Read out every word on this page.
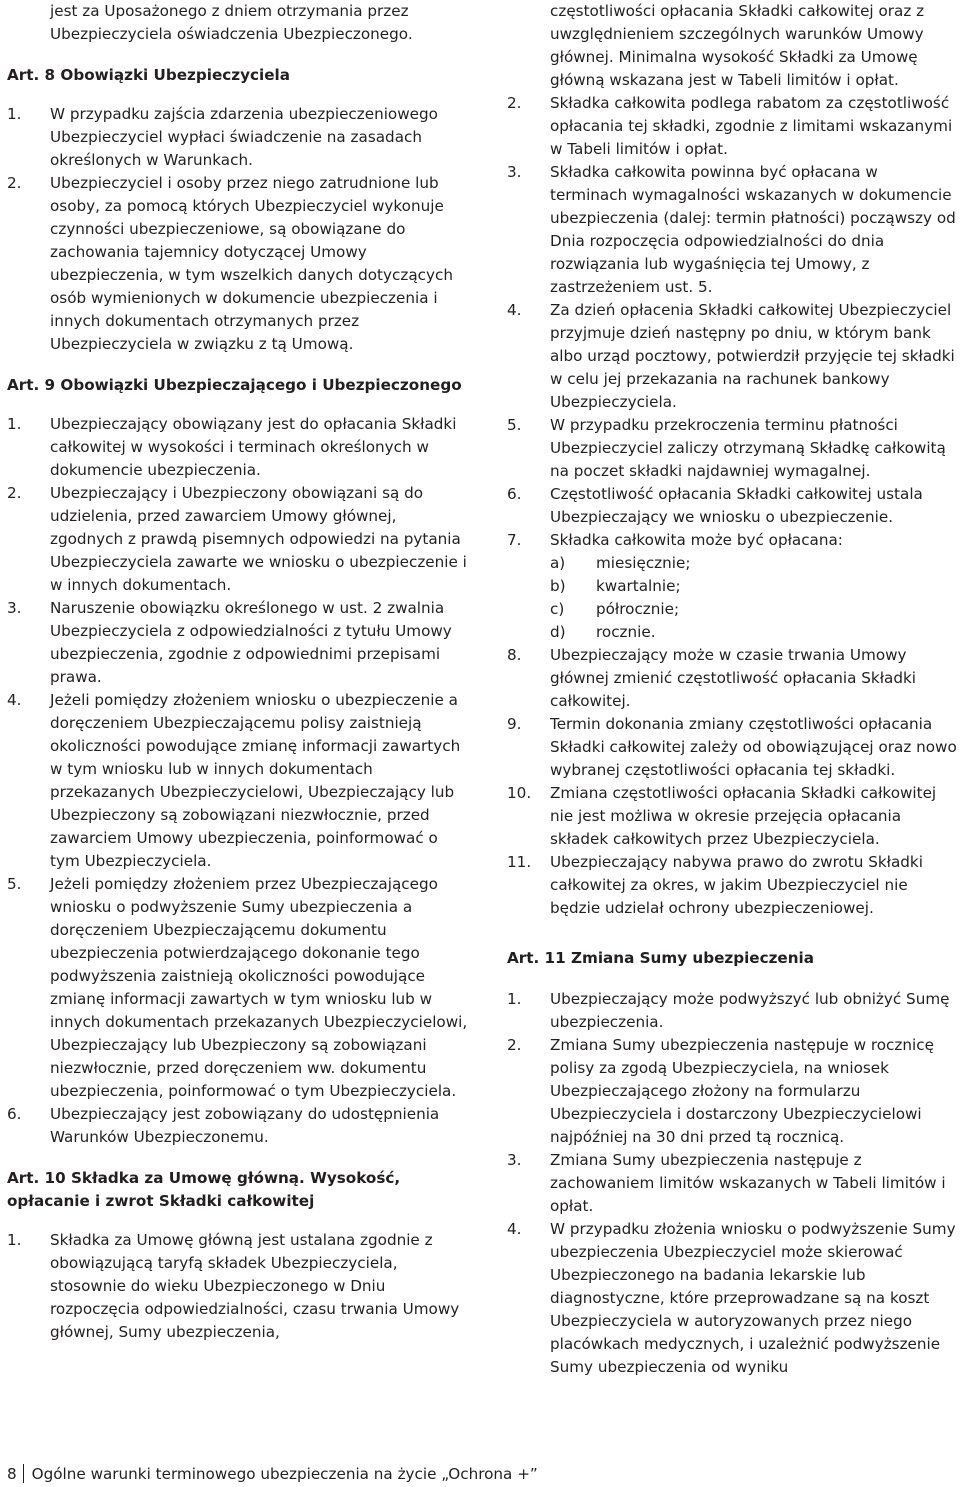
jest za Uposażonego z dniem otrzymania przez Ubezpieczyciela oświadczenia Ubezpieczonego.

Art. 8 Obowiązki Ubezpieczyciela

1.	W przypadku zajścia zdarzenia ubezpieczeniowego Ubezpieczyciel wypłaci świadczenie na zasadach określonych w Warunkach.
2.	Ubezpieczyciel i osoby przez niego zatrudnione lub osoby, za pomocą których Ubezpieczyciel wykonuje czynności ubezpieczeniowe, są obowiązane do zachowania tajemnicy dotyczącej Umowy ubezpieczenia, w tym wszelkich danych dotyczących osób wymienionych w dokumencie ubezpieczenia i innych dokumentach otrzymanych przez Ubezpieczyciela w związku z tą Umową.

Art. 9 Obowiązki Ubezpieczającego i Ubezpieczonego

1.	Ubezpieczający obowiązany jest do opłacania Składki całkowitej w wysokości i terminach określonych w dokumencie ubezpieczenia.
2.	Ubezpieczający i Ubezpieczony obowiązani są do udzielenia, przed zawarciem Umowy głównej, zgodnych z prawdą pisemnych odpowiedzi na pytania Ubezpieczyciela zawarte we wniosku o ubezpieczenie i w innych dokumentach.
3.	Naruszenie obowiązku określonego w ust. 2 zwalnia Ubezpieczyciela z odpowiedzialności z tytułu Umowy ubezpieczenia, zgodnie z odpowiednimi przepisami prawa.
4.	Jeżeli pomiędzy złożeniem wniosku o ubezpieczenie a doręczeniem Ubezpieczającemu polisy zaistnieją okoliczności powodujące zmianę informacji zawartych w tym wniosku lub w innych dokumentach przekazanych Ubezpieczycielowi, Ubezpieczający lub Ubezpieczony są zobowiązani niezwłocznie, przed zawarciem Umowy ubezpieczenia, poinformować o tym Ubezpieczyciela.
5.	Jeżeli pomiędzy złożeniem przez Ubezpieczającego wniosku o podwyższenie Sumy ubezpieczenia a doręczeniem Ubezpieczającemu dokumentu ubezpieczenia potwierdzającego dokonanie tego podwyższenia zaistnieją okoliczności powodujące zmianę informacji zawartych w tym wniosku lub w innych dokumentach przekazanych Ubezpieczycielowi, Ubezpieczający lub Ubezpieczony są zobowiązani niezwłocznie, przed doręczeniem ww. dokumentu ubezpieczenia, poinformować o tym Ubezpieczyciela.
6.	Ubezpieczający jest zobowiązany do udostępnienia Warunków Ubezpieczonemu.

Art. 10 Składka za Umowę główną. Wysokość, opłacanie i zwrot Składki całkowitej

1.	Składka za Umowę główną jest ustalana zgodnie z obowiązującą taryfą składek Ubezpieczyciela, stosownie do wieku Ubezpieczonego w Dniu rozpoczęcia odpowiedzialności, czasu trwania Umowy głównej, Sumy ubezpieczenia,

częstotliwości opłacania Składki całkowitej oraz z uwzględnieniem szczególnych warunków Umowy głównej. Minimalna wysokość Składki za Umowę główną wskazana jest w Tabeli limitów i opłat.

2.	Składka całkowita podlega rabatom za częstotliwość opłacania tej składki, zgodnie z limitami wskazanymi w Tabeli limitów i opłat.
3.	Składka całkowita powinna być opłacana w terminach wymagalności wskazanych w dokumencie ubezpieczenia (dalej: termin płatności) począwszy od Dnia rozpoczęcia odpowiedzialności do dnia rozwiązania lub wygaśnięcia tej Umowy, z zastrzeżeniem ust. 5.
4.	Za dzień opłacenia Składki całkowitej Ubezpieczyciel przyjmuje dzień następny po dniu, w którym bank albo urząd pocztowy, potwierdził przyjęcie tej składki w celu jej przekazania na rachunek bankowy Ubezpieczyciela.
5.	W przypadku przekroczenia terminu płatności Ubezpieczyciel zaliczy otrzymaną Składkę całkowitą na poczet składki najdawniej wymagalnej.
6.	Częstotliwość opłacania Składki całkowitej ustala Ubezpieczający we wniosku o ubezpieczenie.
7.	Składka całkowita może być opłacana:
a)	miesięcznie;
b)	kwartalnie;
c)	półrocznie;
d)	rocznie.
8.	Ubezpieczający może w czasie trwania Umowy głównej zmienić częstotliwość opłacania Składki całkowitej.
9.	Termin dokonania zmiany częstotliwości opłacania Składki całkowitej zależy od obowiązującej oraz nowo wybranej częstotliwości opłacania tej składki.
10.	Zmiana częstotliwości opłacania Składki całkowitej nie jest możliwa w okresie przejęcia opłacania składek całkowitych przez Ubezpieczyciela.
11.	Ubezpieczający nabywa prawo do zwrotu Składki całkowitej za okres, w jakim Ubezpieczyciel nie będzie udzielał ochrony ubezpieczeniowej.

Art. 11 Zmiana Sumy ubezpieczenia

1.	Ubezpieczający może podwyższyć lub obniżyć Sumę ubezpieczenia.
2.	Zmiana Sumy ubezpieczenia następuje w rocznicę polisy za zgodą Ubezpieczyciela, na wniosek Ubezpieczającego złożony na formularzu Ubezpieczyciela i dostarczony Ubezpieczycielowi najpóźniej na 30 dni przed tą rocznicą.
3.	Zmiana Sumy ubezpieczenia następuje z zachowaniem limitów wskazanych w Tabeli limitów i opłat.
4.	W przypadku złożenia wniosku o podwyższenie Sumy ubezpieczenia Ubezpieczyciel może skierować Ubezpieczonego na badania lekarskie lub diagnostyczne, które przeprowadzane są na koszt Ubezpieczyciela w autoryzowanych przez niego placówkach medycznych, i uzależnić podwyższenie Sumy ubezpieczenia od wyniku
8 Ogólne warunki terminowego ubezpieczenia na życie „Ochrona +”
